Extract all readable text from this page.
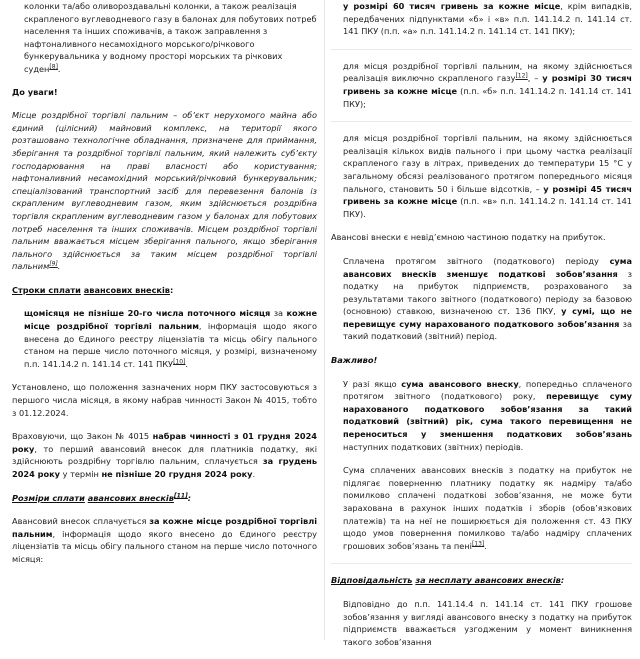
колонки та/або оливороздавальні колонки, а також реалізація скрапленого вуглеводневого газу в балонах для побутових потреб населення та інших споживачів, а також заправлення з нафтоналивного несамохідного морського/річкового бункерувальника у водному просторі морських та річкових суден[8].

До уваги!

Місце роздрібної торгівлі пальним – об’єкт нерухомого майна або єдиний (цілісний) майновий комплекс, на території якого розташовано технологічне обладнання, призначене для приймання, зберігання та роздрібної торгівлі пальним, який належить суб’єкту господарювання на праві власності або користування; нафтоналивний несамохідний морський/річковий бункерувальник; спеціалізований транспортний засіб для перевезення балонів із скрапленим вуглеводневим газом, яким здійснюється роздрібна торгівля скрапленим вуглеводневим газом у балонах для побутових потреб населення та інших споживачів. Місцем роздрібної торгівлі пальним вважається місцем зберігання пального, якщо зберігання пального здійснюється за таким місцем роздрібної торгівлі пальним[9].

Строки сплати авансових внесків:

щомісяця не пізніше 20-го числа поточного місяця за кожне місце роздрібної торгівлі пальним, інформація щодо якого внесена до Єдиного реєстру ліцензіатів та місць обігу пального станом на перше число поточного місяця, у розмірі, визначеному п.п. 141.14.2 п. 141.14 ст. 141 ПКУ[10].

Установлено, що положення зазначених норм ПКУ застосовуються з першого числа місяця, в якому набрав чинності Закон № 4015, тобто з 01.12.2024.

Враховуючи, що Закон № 4015 набрав чинності з 01 грудня 2024 року, то перший авансовий внесок для платників податку, які здійснюють роздрібну торгівлю пальним, сплачується за грудень 2024 року у термін не пізніше 20 грудня 2024 року.

Розміри сплати авансових внесків[11]:

Авансовий внесок сплачується за кожне місце роздрібної торгівлі пальним, інформація щодо якого внесено до Єдиного реєстру ліцензіатів та місць обігу пального станом на перше число поточного місяця:

у розмірі 60 тисяч гривень за кожне місце, крім випадків, передбачених підпунктами «б» і «в» п.п. 141.14.2 п. 141.14 ст. 141 ПКУ (п.п. «а» п.п. 141.14.2 п. 141.14 ст. 141 ПКУ);

для місця роздрібної торгівлі пальним, на якому здійснюється реалізація виключно скрапленого газу[12], – у розмірі 30 тисяч гривень за кожне місце (п.п. «б» п.п. 141.14.2 п. 141.14 ст. 141 ПКУ);

для місця роздрібної торгівлі пальним, на якому здійснюється реалізація кількох видів пального і при цьому частка реалізації скрапленого газу в літрах, приведених до температури 15 °С у загальному обсязі реалізованого протягом попереднього місяця пального, становить 50 і більше відсотків, – у розмірі 45 тисяч гривень за кожне місце (п.п. «в» п.п. 141.14.2 п. 141.14 ст. 141 ПКУ).

Авансові внески є невід’ємною частиною податку на прибуток.

Сплачена протягом звітного (податкового) періоду сума авансових внесків зменшує податкові зобов’язання з податку на прибуток підприємств, розрахованого за результатами такого звітного (податкового) періоду за базовою (основною) ставкою, визначеною ст. 136 ПКУ, у сумі, що не перевищує суму нарахованого податкового зобов’язання за такий податковий (звітний) період.

Важливо!

У разі якщо сума авансового внеску, попередньо сплаченого протягом звітного (податкового) року, перевищує суму нарахованого податкового зобов’язання за такий податковий (звітний) рік, сума такого перевищення не переноситься у зменшення податкових зобов’язань наступних податкових (звітних) періодів.

Сума сплачених авансових внесків з податку на прибуток не підлягає поверненню платнику податку як надміру та/або помилково сплачені податкові зобов’язання, не може бути зарахована в рахунок інших податків і зборів (обов’язкових платежів) та на неї не поширюється дія положення ст. 43 ПКУ щодо умов повернення помилково та/або надміру сплачених грошових зобов’язань та пені[13].

Відповідальність за несплату авансових внесків:

Відповідно до п.п. 141.14.4 п. 141.14 ст. 141 ПКУ грошове зобов’язання у вигляді авансового внеску з податку на прибуток підприємств вважається узгодженим у момент виникнення такого зобов’язання
